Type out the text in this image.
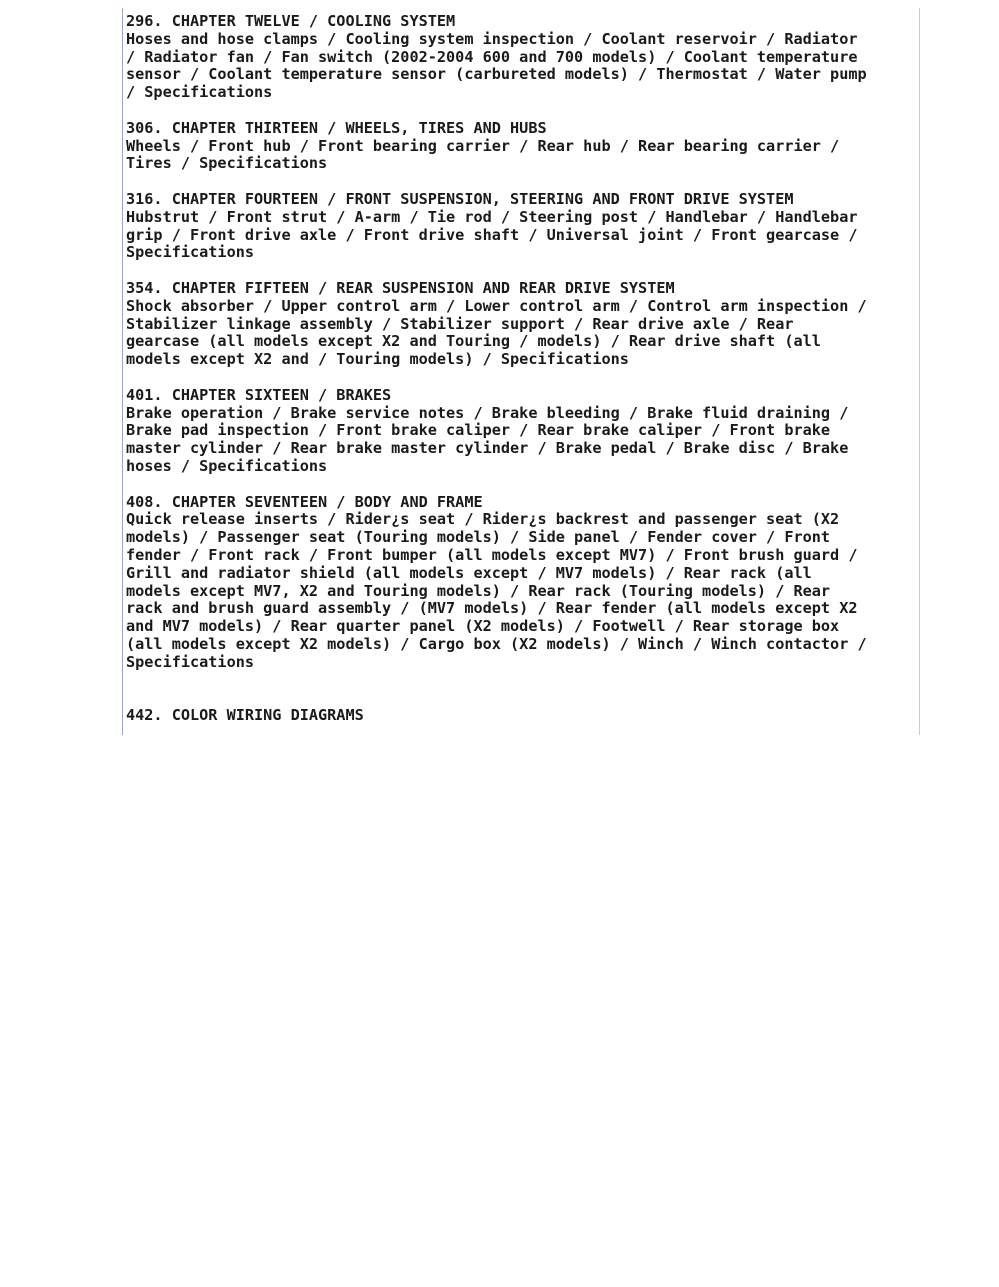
296. CHAPTER TWELVE / COOLING SYSTEM
Hoses and hose clamps / Cooling system inspection / Coolant reservoir / Radiator
/ Radiator fan / Fan switch (2002-2004 600 and 700 models) / Coolant temperature
sensor / Coolant temperature sensor (carbureted models) / Thermostat / Water pump
/ Specifications
306. CHAPTER THIRTEEN / WHEELS, TIRES AND HUBS
Wheels / Front hub / Front bearing carrier / Rear hub / Rear bearing carrier /
Tires / Specifications
316. CHAPTER FOURTEEN / FRONT SUSPENSION, STEERING AND FRONT DRIVE SYSTEM
Hubstrut / Front strut / A-arm / Tie rod / Steering post / Handlebar / Handlebar
grip / Front drive axle / Front drive shaft / Universal joint / Front gearcase /
Specifications
354. CHAPTER FIFTEEN / REAR SUSPENSION AND REAR DRIVE SYSTEM
Shock absorber / Upper control arm / Lower control arm / Control arm inspection /
Stabilizer linkage assembly / Stabilizer support / Rear drive axle / Rear
gearcase (all models except X2 and Touring / models) / Rear drive shaft (all
models except X2 and / Touring models) / Specifications
401. CHAPTER SIXTEEN / BRAKES
Brake operation / Brake service notes / Brake bleeding / Brake fluid draining /
Brake pad inspection / Front brake caliper / Rear brake caliper / Front brake
master cylinder / Rear brake master cylinder / Brake pedal / Brake disc / Brake
hoses / Specifications
408. CHAPTER SEVENTEEN / BODY AND FRAME
Quick release inserts / Rider¿s seat / Rider¿s backrest and passenger seat (X2
models) / Passenger seat (Touring models) / Side panel / Fender cover / Front
fender / Front rack / Front bumper (all models except MV7) / Front brush guard /
Grill and radiator shield (all models except / MV7 models) / Rear rack (all
models except MV7, X2 and Touring models) / Rear rack (Touring models) / Rear
rack and brush guard assembly / (MV7 models) / Rear fender (all models except X2
and MV7 models) / Rear quarter panel (X2 models) / Footwell / Rear storage box
(all models except X2 models) / Cargo box (X2 models) / Winch / Winch contactor /
Specifications
442. COLOR WIRING DIAGRAMS
